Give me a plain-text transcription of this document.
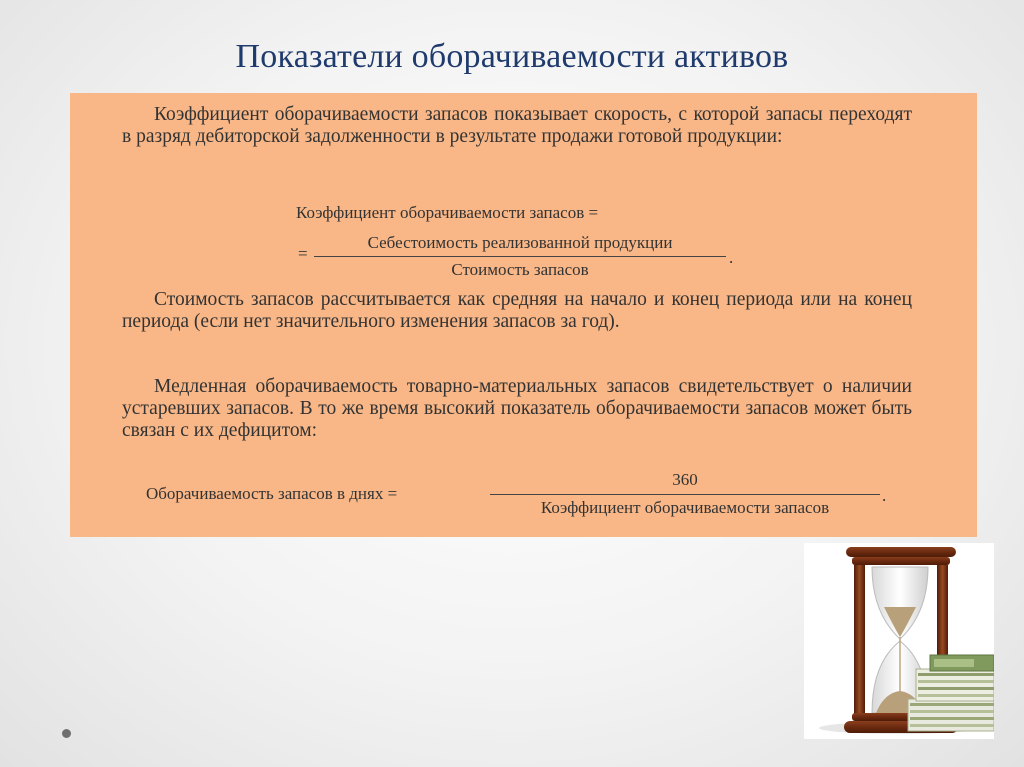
Показатели оборачиваемости активов
Коэффициент оборачиваемости запасов показывает скорость, с которой запасы переходят в разряд дебиторской задолженности в результате продажи готовой продукции:
Коэффициент оборачиваемости запасов =
=
Себестоимость реализованной продукции
Стоимость запасов
.
Стоимость запасов рассчитывается как средняя на начало и конец периода или на конец периода (если нет значительного изменения запасов за год).
Медленная оборачиваемость товарно-материальных запасов свидетельствует о наличии устаревших запасов. В то же время высокий показатель оборачиваемости запасов может быть связан с их дефицитом:
Оборачиваемость запасов в днях =
360
Коэффициент оборачиваемости запасов
.
